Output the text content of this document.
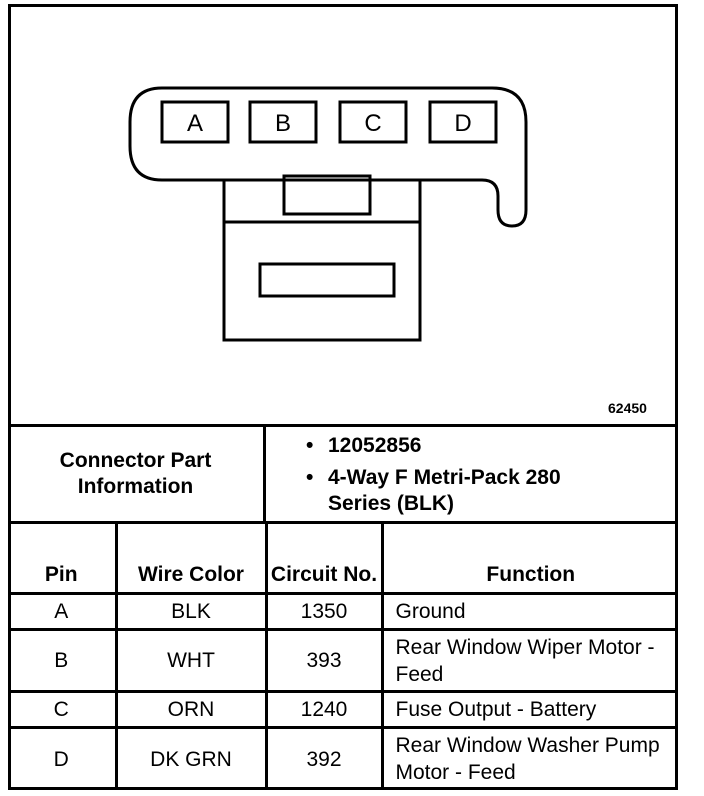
A	B	C	D
62450
Connector Part Information
• 12052856
• 4-Way F Metri-Pack 280 Series (BLK)
Pin	Wire Color	Circuit No.	Function
A	BLK	1350	Ground
B	WHT	393	Rear Window Wiper Motor - Feed
C	ORN	1240	Fuse Output - Battery
D	DK GRN	392	Rear Window Washer Pump Motor - Feed
